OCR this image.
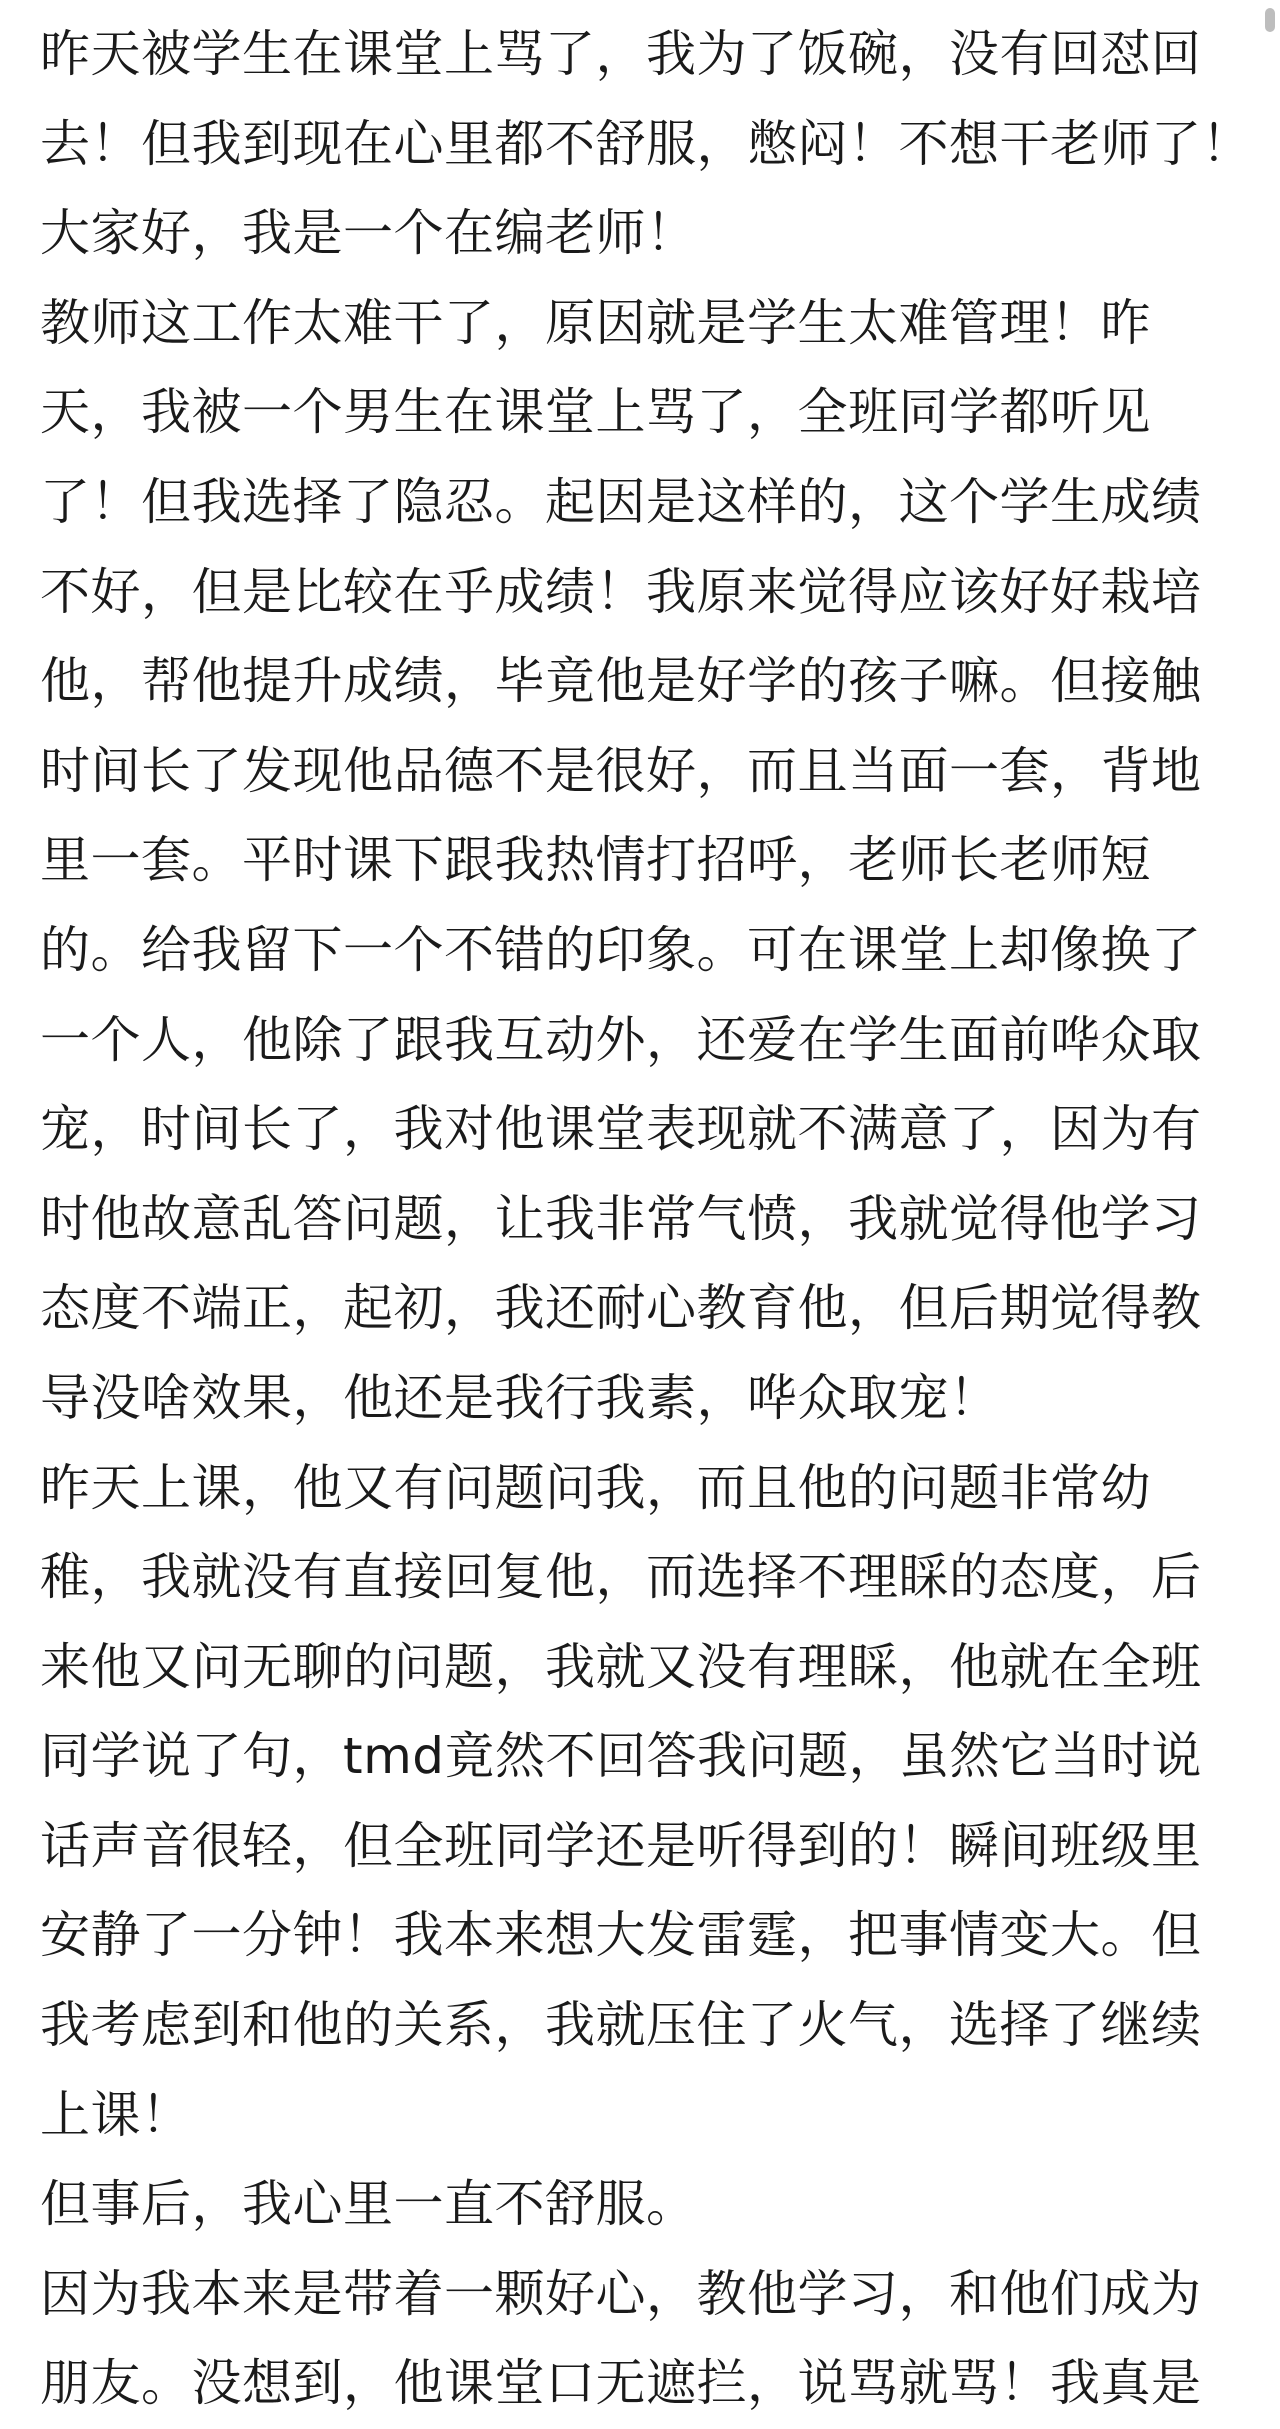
昨天被学生在课堂上骂了，我为了饭碗，没有回怼回
去！但我到现在心里都不舒服，憋闷！不想干老师了！
大家好，我是一个在编老师！
教师这工作太难干了，原因就是学生太难管理！昨
天，我被一个男生在课堂上骂了，全班同学都听见
了！但我选择了隐忍。起因是这样的，这个学生成绩
不好，但是比较在乎成绩！我原来觉得应该好好栽培
他，帮他提升成绩，毕竟他是好学的孩子嘛。但接触
时间长了发现他品德不是很好，而且当面一套，背地
里一套。平时课下跟我热情打招呼，老师长老师短
的。给我留下一个不错的印象。可在课堂上却像换了
一个人，他除了跟我互动外，还爱在学生面前哗众取
宠，时间长了，我对他课堂表现就不满意了，因为有
时他故意乱答问题，让我非常气愤，我就觉得他学习
态度不端正，起初，我还耐心教育他，但后期觉得教
导没啥效果，他还是我行我素，哗众取宠！
昨天上课，他又有问题问我，而且他的问题非常幼
稚，我就没有直接回复他，而选择不理睬的态度，后
来他又问无聊的问题，我就又没有理睬，他就在全班
同学说了句，tmd竟然不回答我问题，虽然它当时说
话声音很轻，但全班同学还是听得到的！瞬间班级里
安静了一分钟！我本来想大发雷霆，把事情变大。但
我考虑到和他的关系，我就压住了火气，选择了继续
上课！
但事后，我心里一直不舒服。
因为我本来是带着一颗好心，教他学习，和他们成为
朋友。没想到，他课堂口无遮拦，说骂就骂！我真是
